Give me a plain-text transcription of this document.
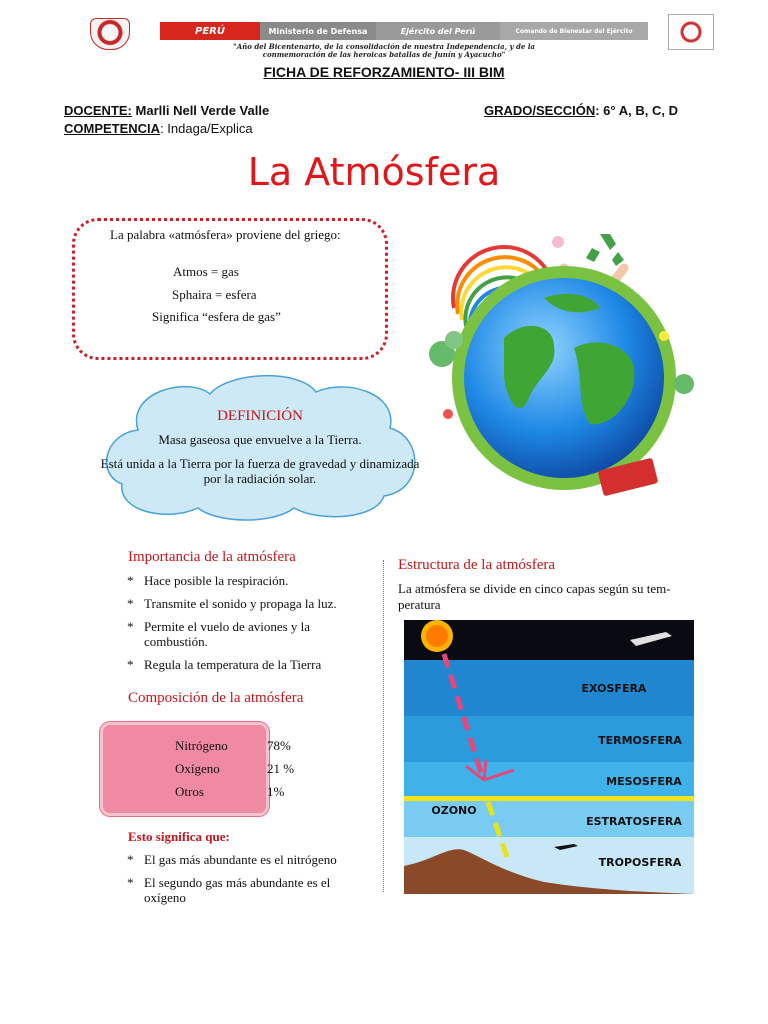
PERÚ	Ministerio de Defensa	Ejército del Perú	Comando de Bienestar del Ejército
"Año del Bicentenario, de la consolidación de nuestra Independencia, y de la
conmemoración de las heroicas batallas de Junín y Ayacucho"
FICHA DE REFORZAMIENTO- III BIM
DOCENTE: Marlli Nell Verde Valle	GRADO/SECCIÓN: 6° A, B, C, D
COMPETENCIA: Indaga/Explica
La Atmósfera
La palabra «atmósfera» proviene del griego:
Atmos = gas
Sphaira = esfera
Significa “esfera de gas”
DEFINICIÓN
Masa gaseosa que envuelve a la Tierra.
Está unida a la Tierra por la fuerza de gravedad y dinamizada por la radiación solar.
Importancia de la atmósfera
* Hace posible la respiración.
* Transmite el sonido y propaga la luz.
* Permite el vuelo de aviones y la combustión.
* Regula la temperatura de la Tierra
Composición de la atmósfera
Nitrógeno	78%
Oxígeno	21 %
Otros	1%
Esto significa que:
* El gas más abundante es el nitrógeno
* El segundo gas más abundante es el oxígeno
Estructura de la atmósfera
La atmósfera se divide en cinco capas según su tem- peratura
EXOSFERA
TERMOSFERA
MESOSFERA
ESTRATOSFERA
TROPOSFERA
OZONO
